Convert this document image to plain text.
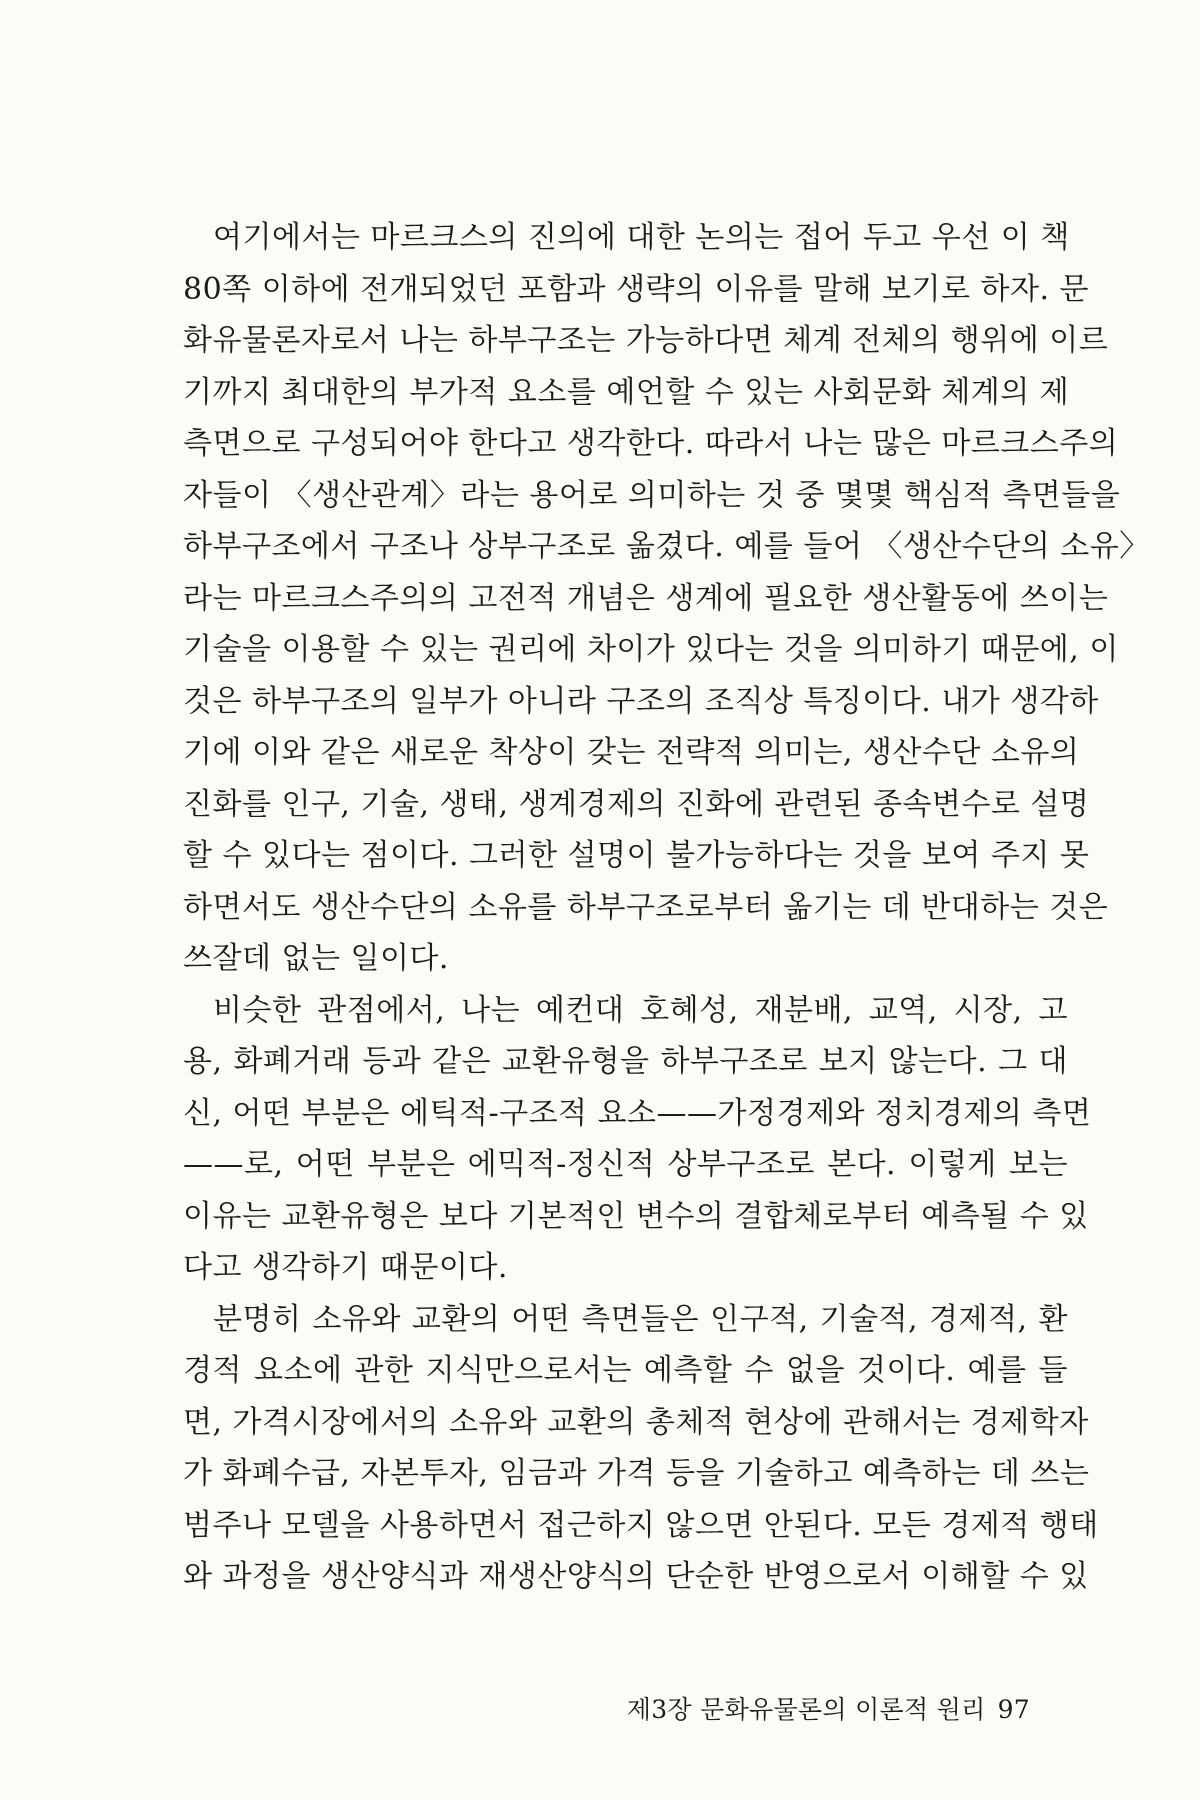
여기에서는 마르크스의 진의에 대한 논의는 접어 두고 우선 이 책
80쪽 이하에 전개되었던 포함과 생략의 이유를 말해 보기로 하자. 문
화유물론자로서 나는 하부구조는 가능하다면 체계 전체의 행위에 이르
기까지 최대한의 부가적 요소를 예언할 수 있는 사회문화 체계의 제
측면으로 구성되어야 한다고 생각한다. 따라서 나는 많은 마르크스주의
자들이 〈생산관계〉라는 용어로 의미하는 것 중 몇몇 핵심적 측면들을
하부구조에서 구조나 상부구조로 옮겼다. 예를 들어 〈생산수단의 소유〉
라는 마르크스주의의 고전적 개념은 생계에 필요한 생산활동에 쓰이는
기술을 이용할 수 있는 권리에 차이가 있다는 것을 의미하기 때문에, 이
것은 하부구조의 일부가 아니라 구조의 조직상 특징이다. 내가 생각하
기에 이와 같은 새로운 착상이 갖는 전략적 의미는, 생산수단 소유의
진화를 인구, 기술, 생태, 생계경제의 진화에 관련된 종속변수로 설명
할 수 있다는 점이다. 그러한 설명이 불가능하다는 것을 보여 주지 못
하면서도 생산수단의 소유를 하부구조로부터 옮기는 데 반대하는 것은
쓰잘데 없는 일이다.
비슷한 관점에서, 나는 예컨대 호혜성, 재분배, 교역, 시장, 고
용, 화폐거래 등과 같은 교환유형을 하부구조로 보지 않는다. 그 대
신, 어떤 부분은 에틱적-구조적 요소——가정경제와 정치경제의 측면
——로, 어떤 부분은 에믹적-정신적 상부구조로 본다. 이렇게 보는
이유는 교환유형은 보다 기본적인 변수의 결합체로부터 예측될 수 있
다고 생각하기 때문이다.
분명히 소유와 교환의 어떤 측면들은 인구적, 기술적, 경제적, 환
경적 요소에 관한 지식만으로서는 예측할 수 없을 것이다. 예를 들
면, 가격시장에서의 소유와 교환의 총체적 현상에 관해서는 경제학자
가 화폐수급, 자본투자, 임금과 가격 등을 기술하고 예측하는 데 쓰는
범주나 모델을 사용하면서 접근하지 않으면 안된다. 모든 경제적 행태
와 과정을 생산양식과 재생산양식의 단순한 반영으로서 이해할 수 있
제3장 문화유물론의 이론적 원리 97
